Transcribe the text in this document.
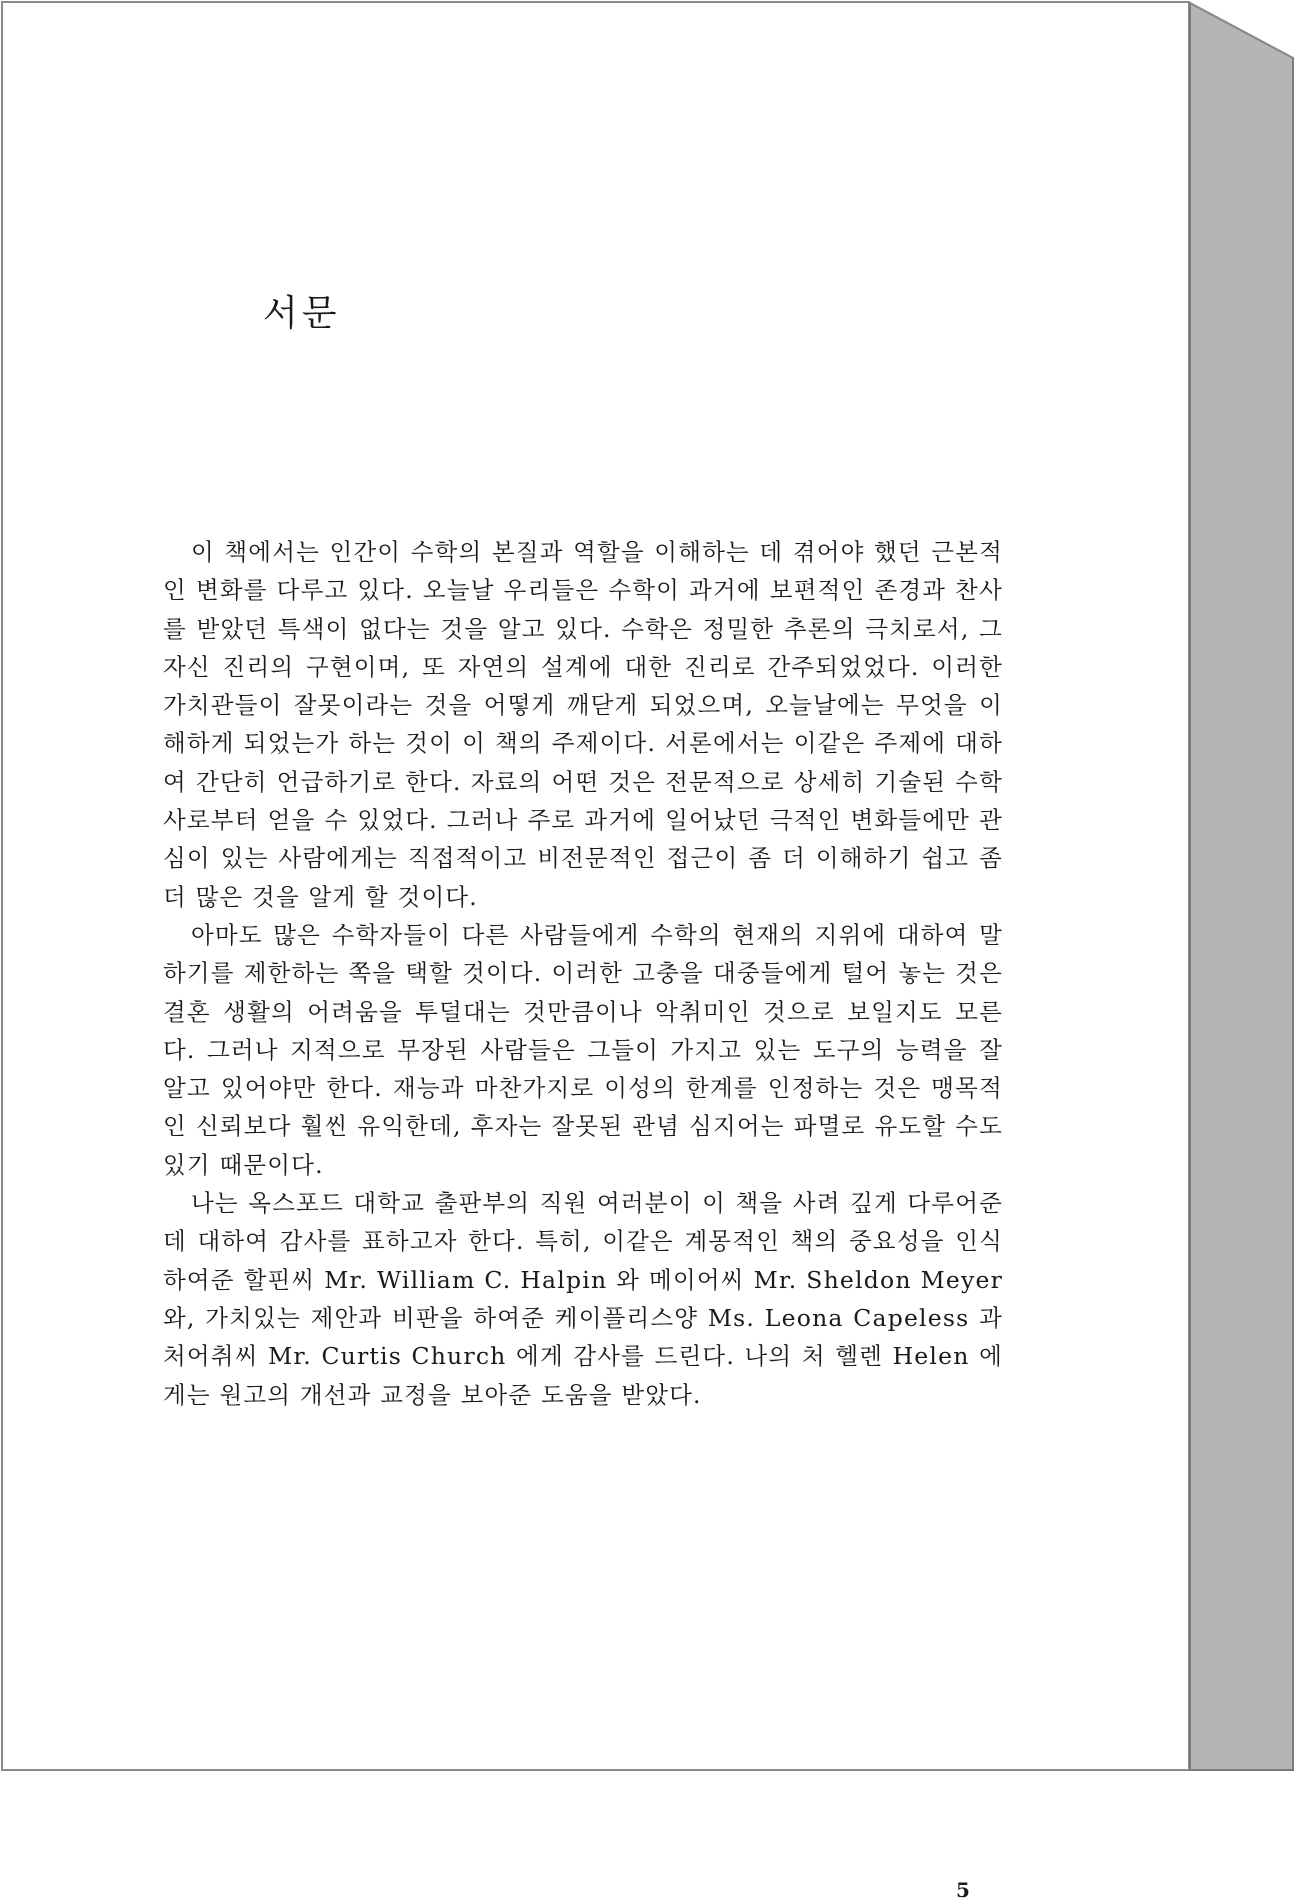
서문

이 책에서는 인간이 수학의 본질과 역할을 이해하는 데 겪어야 했던 근본적인 변화를 다루고 있다. 오늘날 우리들은 수학이 과거에 보편적인 존경과 찬사를 받았던 특색이 없다는 것을 알고 있다. 수학은 정밀한 추론의 극치로서, 그 자신 진리의 구현이며, 또 자연의 설계에 대한 진리로 간주되었었다. 이러한 가치관들이 잘못이라는 것을 어떻게 깨닫게 되었으며, 오늘날에는 무엇을 이해하게 되었는가 하는 것이 이 책의 주제이다. 서론에서는 이같은 주제에 대하여 간단히 언급하기로 한다. 자료의 어떤 것은 전문적으로 상세히 기술된 수학사로부터 얻을 수 있었다. 그러나 주로 과거에 일어났던 극적인 변화들에만 관심이 있는 사람에게는 직접적이고 비전문적인 접근이 좀 더 이해하기 쉽고 좀 더 많은 것을 알게 할 것이다.

아마도 많은 수학자들이 다른 사람들에게 수학의 현재의 지위에 대하여 말하기를 제한하는 쪽을 택할 것이다. 이러한 고충을 대중들에게 털어 놓는 것은 결혼 생활의 어려움을 투덜대는 것만큼이나 악취미인 것으로 보일지도 모른다. 그러나 지적으로 무장된 사람들은 그들이 가지고 있는 도구의 능력을 잘 알고 있어야만 한다. 재능과 마찬가지로 이성의 한계를 인정하는 것은 맹목적인 신뢰보다 훨씬 유익한데, 후자는 잘못된 관념 심지어는 파멸로 유도할 수도 있기 때문이다.

나는 옥스포드 대학교 출판부의 직원 여러분이 이 책을 사려 깊게 다루어준 데 대하여 감사를 표하고자 한다. 특히, 이같은 계몽적인 책의 중요성을 인식하여준 할핀씨 Mr. William C. Halpin 와 메이어씨 Mr. Sheldon Meyer 와, 가치있는 제안과 비판을 하여준 케이플리스양 Ms. Leona Capeless 과 처어취씨 Mr. Curtis Church 에게 감사를 드린다. 나의 처 헬렌 Helen 에게는 원고의 개선과 교정을 보아준 도움을 받았다.

5
